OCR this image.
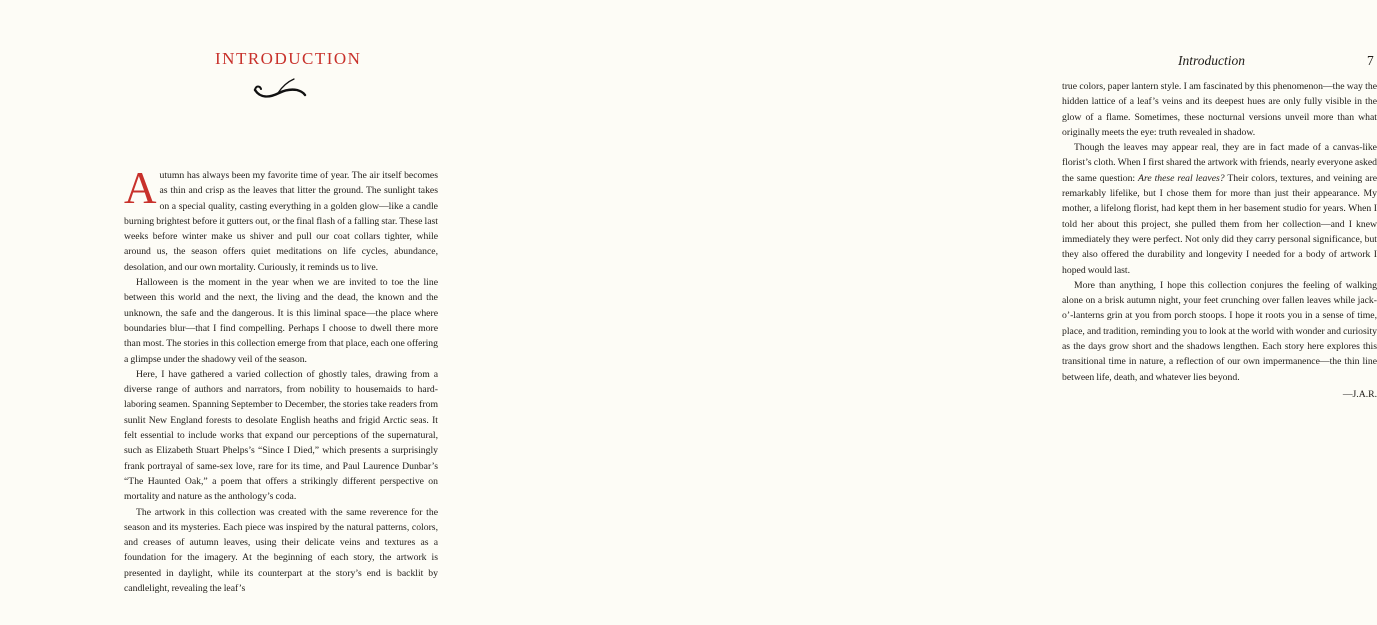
INTRODUCTION

Autumn has always been my favorite time of year. The air itself becomes as thin and crisp as the leaves that litter the ground. The sunlight takes on a special quality, casting everything in a golden glow—like a candle burning brightest before it gutters out, or the final flash of a falling star. These last weeks before winter make us shiver and pull our coat collars tighter, while around us, the season offers quiet meditations on life cycles, abundance, desolation, and our own mortality. Curiously, it reminds us to live.

Halloween is the moment in the year when we are invited to toe the line between this world and the next, the living and the dead, the known and the unknown, the safe and the dangerous. It is this liminal space—the place where boundaries blur—that I find compelling. Perhaps I choose to dwell there more than most. The stories in this collection emerge from that place, each one offering a glimpse under the shadowy veil of the season.

Here, I have gathered a varied collection of ghostly tales, drawing from a diverse range of authors and narrators, from nobility to housemaids to hard-laboring seamen. Spanning September to December, the stories take readers from sunlit New England forests to desolate English heaths and frigid Arctic seas. It felt essential to include works that expand our perceptions of the supernatural, such as Elizabeth Stuart Phelps’s “Since I Died,” which presents a surprisingly frank portrayal of same-sex love, rare for its time, and Paul Laurence Dunbar’s “The Haunted Oak,” a poem that offers a strikingly different perspective on mortality and nature as the anthology’s coda.

The artwork in this collection was created with the same reverence for the season and its mysteries. Each piece was inspired by the natural patterns, colors, and creases of autumn leaves, using their delicate veins and textures as a foundation for the imagery. At the beginning of each story, the artwork is presented in daylight, while its counterpart at the story’s end is backlit by candlelight, revealing the leaf’s

Introduction	7

true colors, paper lantern style. I am fascinated by this phenomenon—the way the hidden lattice of a leaf’s veins and its deepest hues are only fully visible in the glow of a flame. Sometimes, these nocturnal versions unveil more than what originally meets the eye: truth revealed in shadow.

Though the leaves may appear real, they are in fact made of a canvas-like florist’s cloth. When I first shared the artwork with friends, nearly everyone asked the same question: Are these real leaves? Their colors, textures, and veining are remarkably lifelike, but I chose them for more than just their appearance. My mother, a lifelong florist, had kept them in her basement studio for years. When I told her about this project, she pulled them from her collection—and I knew immediately they were perfect. Not only did they carry personal significance, but they also offered the durability and longevity I needed for a body of artwork I hoped would last.

More than anything, I hope this collection conjures the feeling of walking alone on a brisk autumn night, your feet crunching over fallen leaves while jack-o’-lanterns grin at you from porch stoops. I hope it roots you in a sense of time, place, and tradition, reminding you to look at the world with wonder and curiosity as the days grow short and the shadows lengthen. Each story here explores this transitional time in nature, a reflection of our own impermanence—the thin line between life, death, and whatever lies beyond.

—J.A.R.
